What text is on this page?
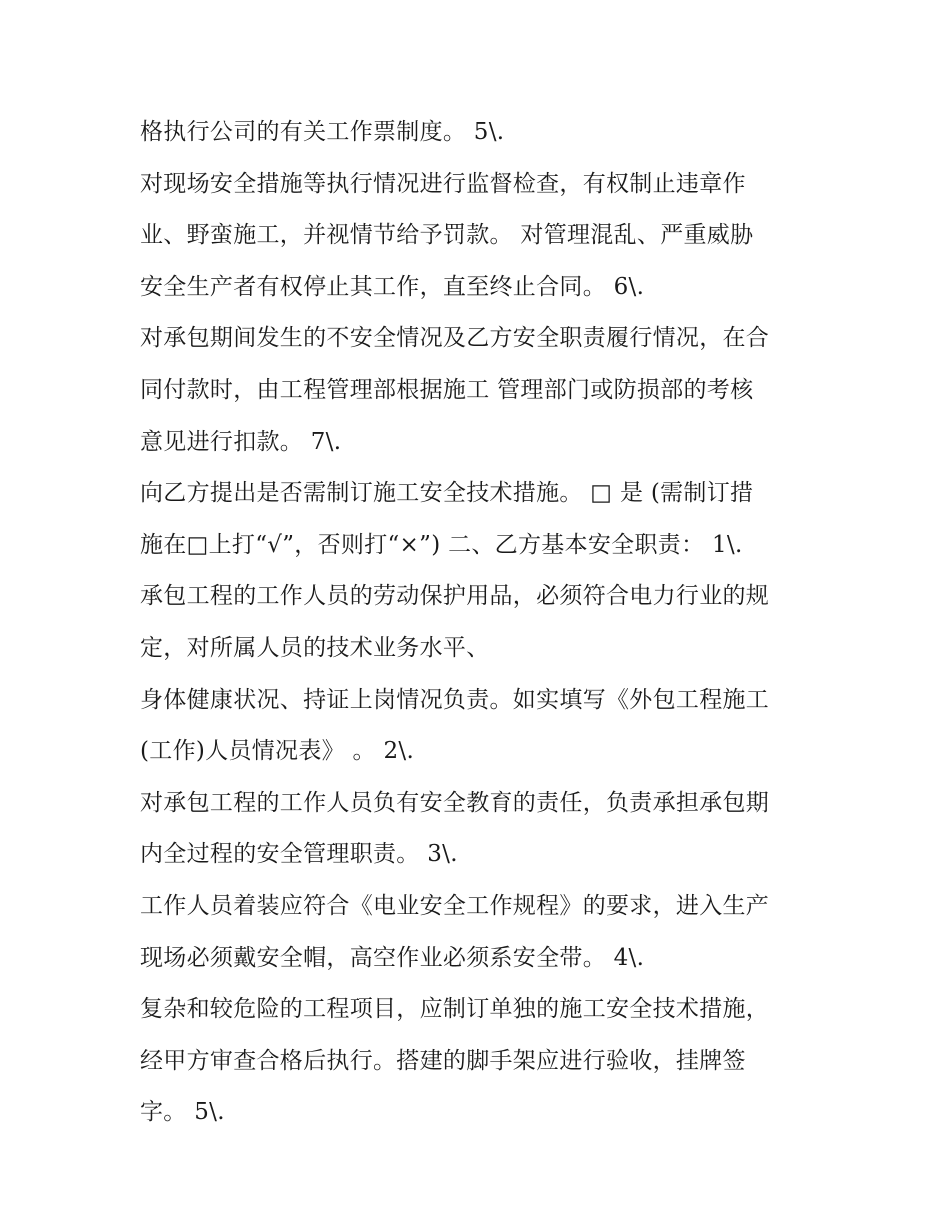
格执行公司的有关工作票制度。 5\.
对现场安全措施等执行情况进行监督检查，有权制止违章作
业、野蛮施工，并视情节给予罚款。 对管理混乱、严重威胁
安全生产者有权停止其工作，直至终止合同。 6\.
对承包期间发生的不安全情况及乙方安全职责履行情况，在合
同付款时，由工程管理部根据施工 管理部门或防损部的考核
意见进行扣款。 7\.
向乙方提出是否需制订施工安全技术措施。 □ 是 (需制订措
施在□上打“√”，否则打“×”) 二、乙方基本安全职责： 1\.
承包工程的工作人员的劳动保护用品，必须符合电力行业的规
定，对所属人员的技术业务水平、
身体健康状况、持证上岗情况负责。如实填写《外包工程施工
(工作)人员情况表》 。 2\.
对承包工程的工作人员负有安全教育的责任，负责承担承包期
内全过程的安全管理职责。 3\.
工作人员着装应符合《电业安全工作规程》的要求，进入生产
现场必须戴安全帽，高空作业必须系安全带。 4\.
复杂和较危险的工程项目，应制订单独的施工安全技术措施，
经甲方审查合格后执行。搭建的脚手架应进行验收，挂牌签
字。 5\.
